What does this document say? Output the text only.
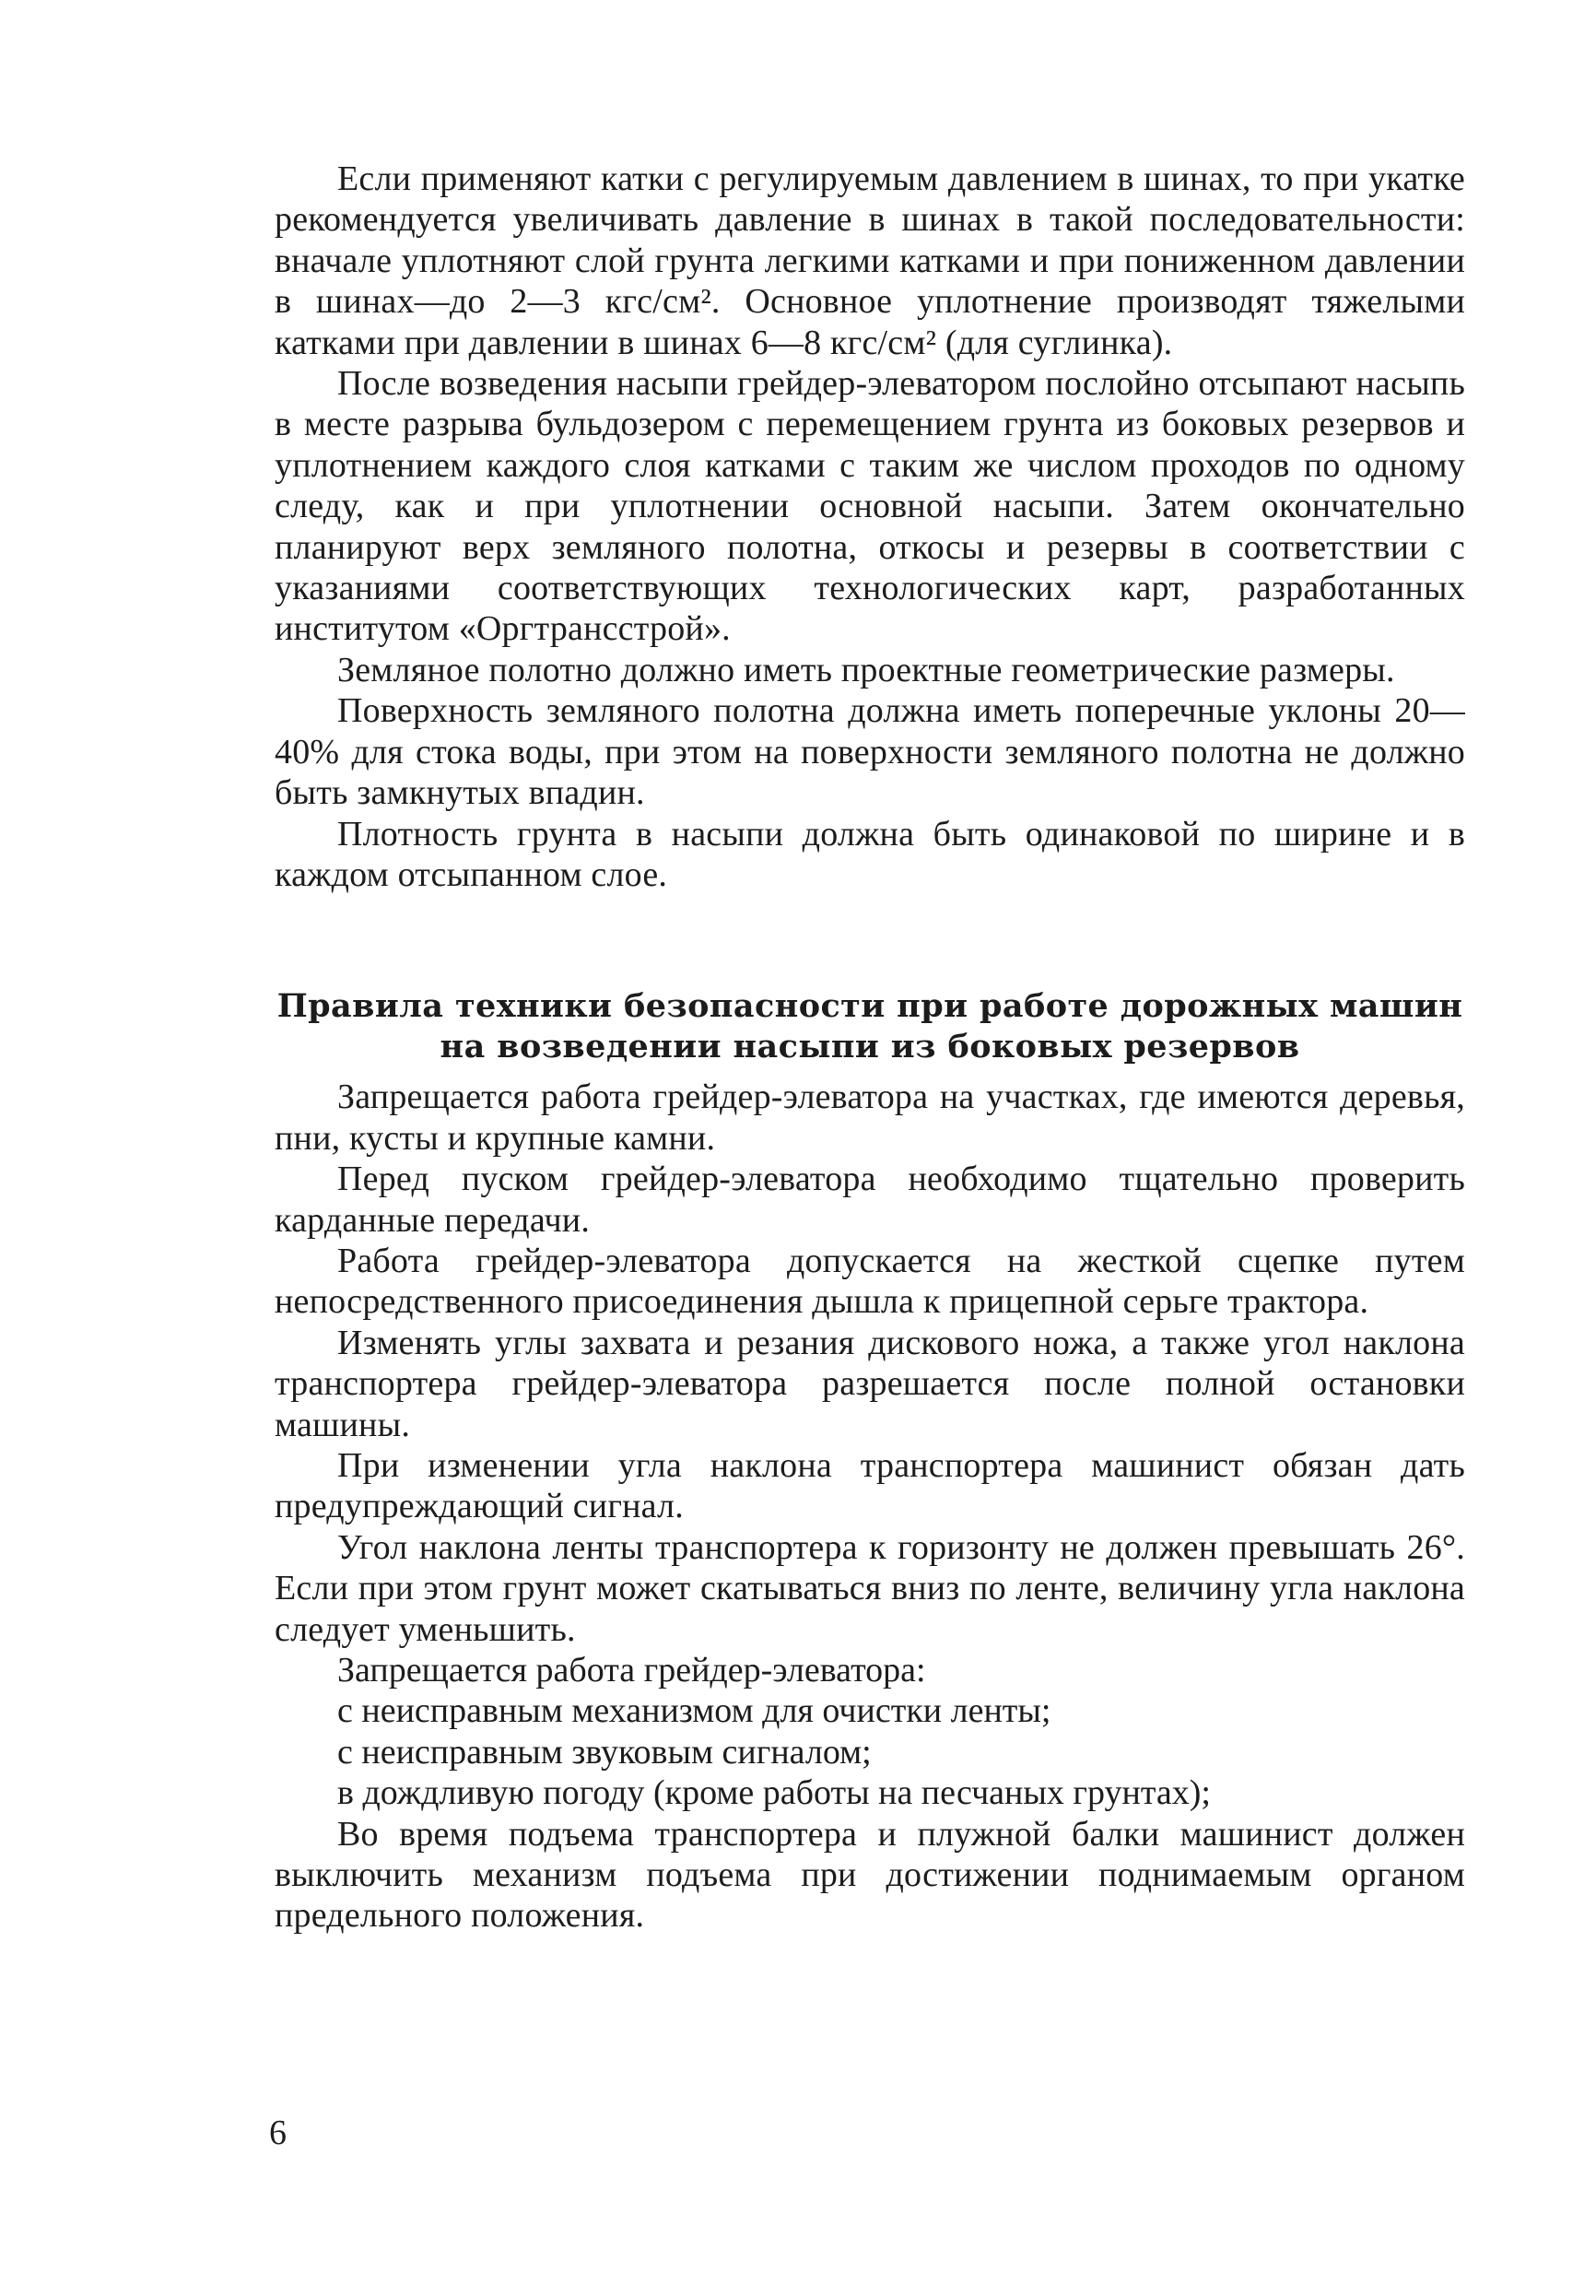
Если применяют катки с регулируемым давлением в шинах, то при укатке рекомендуется увеличивать давление в шинах в такой последовательности: вначале уплотняют слой грунта легкими катками и при пониженном давлении в шинах—до 2—3 кгс/см². Основное уплотнение производят тяжелыми катками при давлении в шинах 6—8 кгс/см² (для суглинка).

После возведения насыпи грейдер-элеватором послойно отсыпают насыпь в месте разрыва бульдозером с перемещением грунта из боковых резервов и уплотнением каждого слоя катками с таким же числом проходов по одному следу, как и при уплотнении основной насыпи. Затем окончательно планируют верх земляного полотна, откосы и резервы в соответствии с указаниями соответствующих технологических карт, разработанных институтом «Оргтрансстрой».

Земляное полотно должно иметь проектные геометрические размеры.

Поверхность земляного полотна должна иметь поперечные уклоны 20—40% для стока воды, при этом на поверхности земляного полотна не должно быть замкнутых впадин.

Плотность грунта в насыпи должна быть одинаковой по ширине и в каждом отсыпанном слое.

Правила техники безопасности при работе дорожных машин
на возведении насыпи из боковых резервов

Запрещается работа грейдер-элеватора на участках, где имеются деревья, пни, кусты и крупные камни.

Перед пуском грейдер-элеватора необходимо тщательно проверить карданные передачи.

Работа грейдер-элеватора допускается на жесткой сцепке путем непосредственного присоединения дышла к прицепной серьге трактора.

Изменять углы захвата и резания дискового ножа, а также угол наклона транспортера грейдер-элеватора разрешается после полной остановки машины.

При изменении угла наклона транспортера машинист обязан дать предупреждающий сигнал.

Угол наклона ленты транспортера к горизонту не должен превышать 26°. Если при этом грунт может скатываться вниз по ленте, величину угла наклона следует уменьшить.

Запрещается работа грейдер-элеватора:

с неисправным механизмом для очистки ленты;

с неисправным звуковым сигналом;

в дождливую погоду (кроме работы на песчаных грунтах);

Во время подъема транспортера и плужной балки машинист должен выключить механизм подъема при достижении поднимаемым органом предельного положения.

6
